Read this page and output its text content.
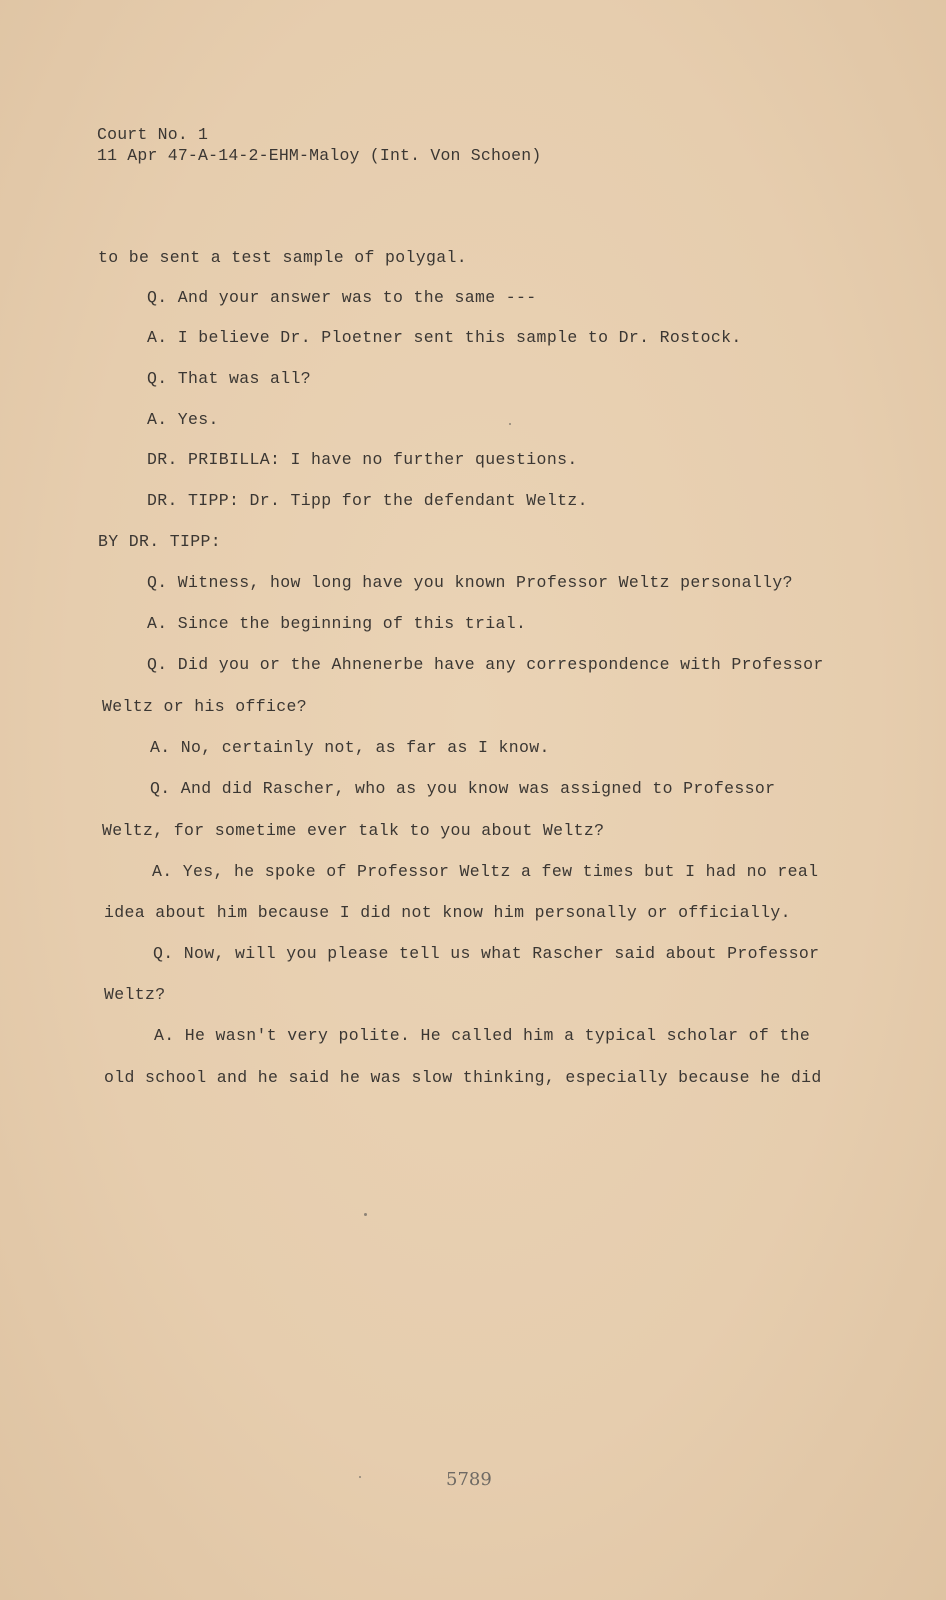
Court No. 1
11 Apr 47-A-14-2-EHM-Maloy (Int. Von Schoen)
to be sent a test sample of polygal.
Q. And your answer was to the same ---
A. I believe Dr. Ploetner sent this sample to Dr. Rostock.
Q. That was all?
A. Yes.
DR. PRIBILLA: I have no further questions.
DR. TIPP: Dr. Tipp for the defendant Weltz.
BY DR. TIPP:
Q. Witness, how long have you known Professor Weltz personally?
A. Since the beginning of this trial.
Q. Did you or the Ahnenerbe have any correspondence with Professor
Weltz or his office?
A. No, certainly not, as far as I know.
Q. And did Rascher, who as you know was assigned to Professor
Weltz, for sometime ever talk to you about Weltz?
A. Yes, he spoke of Professor Weltz a few times but I had no real
idea about him because I did not know him personally or officially.
Q. Now, will you please tell us what Rascher said about Professor
Weltz?
A. He wasn't very polite. He called him a typical scholar of the
old school and he said he was slow thinking, especially because he did
5789
